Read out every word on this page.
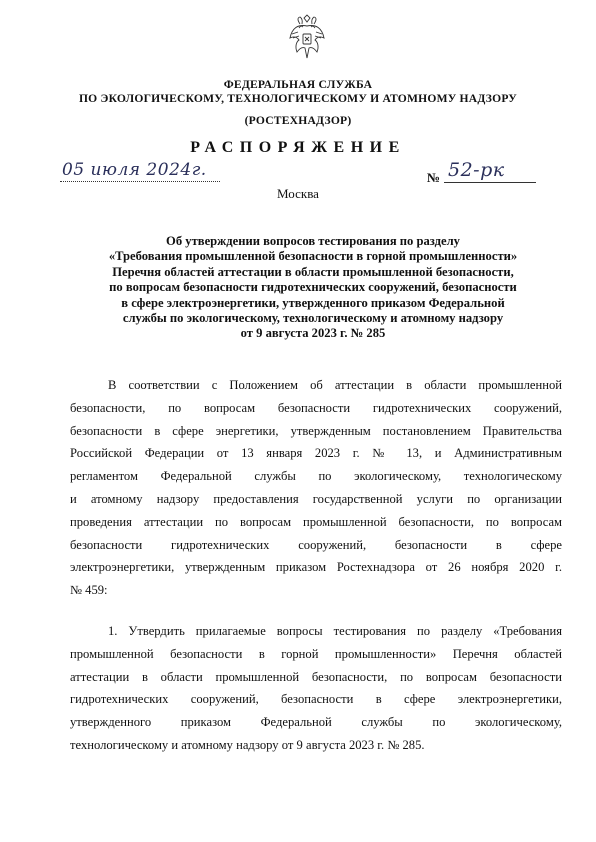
ФЕДЕРАЛЬНАЯ СЛУЖБА
ПО ЭКОЛОГИЧЕСКОМУ, ТЕХНОЛОГИЧЕСКОМУ И АТОМНОМУ НАДЗОРУ
(РОСТЕХНАДЗОР)
РАСПОРЯЖЕНИЕ
05 июля 2024г.	№ 52-рк
Москва
Об утверждении вопросов тестирования по разделу
«Требования промышленной безопасности в горной промышленности»
Перечня областей аттестации в области промышленной безопасности,
по вопросам безопасности гидротехнических сооружений, безопасности
в сфере электроэнергетики, утвержденного приказом Федеральной
службы по экологическому, технологическому и атомному надзору
от 9 августа 2023 г. № 285
В соответствии с Положением об аттестации в области промышленной
безопасности, по вопросам безопасности гидротехнических сооружений,
безопасности в сфере энергетики, утвержденным постановлением Правительства
Российской Федерации от 13 января 2023 г. № 13, и Административным
регламентом Федеральной службы по экологическому, технологическому
и атомному надзору предоставления государственной услуги по организации
проведения аттестации по вопросам промышленной безопасности, по вопросам
безопасности гидротехнических сооружений, безопасности в сфере
электроэнергетики, утвержденным приказом Ростехнадзора от 26 ноября 2020 г.
№ 459:
1. Утвердить прилагаемые вопросы тестирования по разделу «Требования
промышленной безопасности в горной промышленности» Перечня областей
аттестации в области промышленной безопасности, по вопросам безопасности
гидротехнических сооружений, безопасности в сфере электроэнергетики,
утвержденного приказом Федеральной службы по экологическому,
технологическому и атомному надзору от 9 августа 2023 г. № 285.
